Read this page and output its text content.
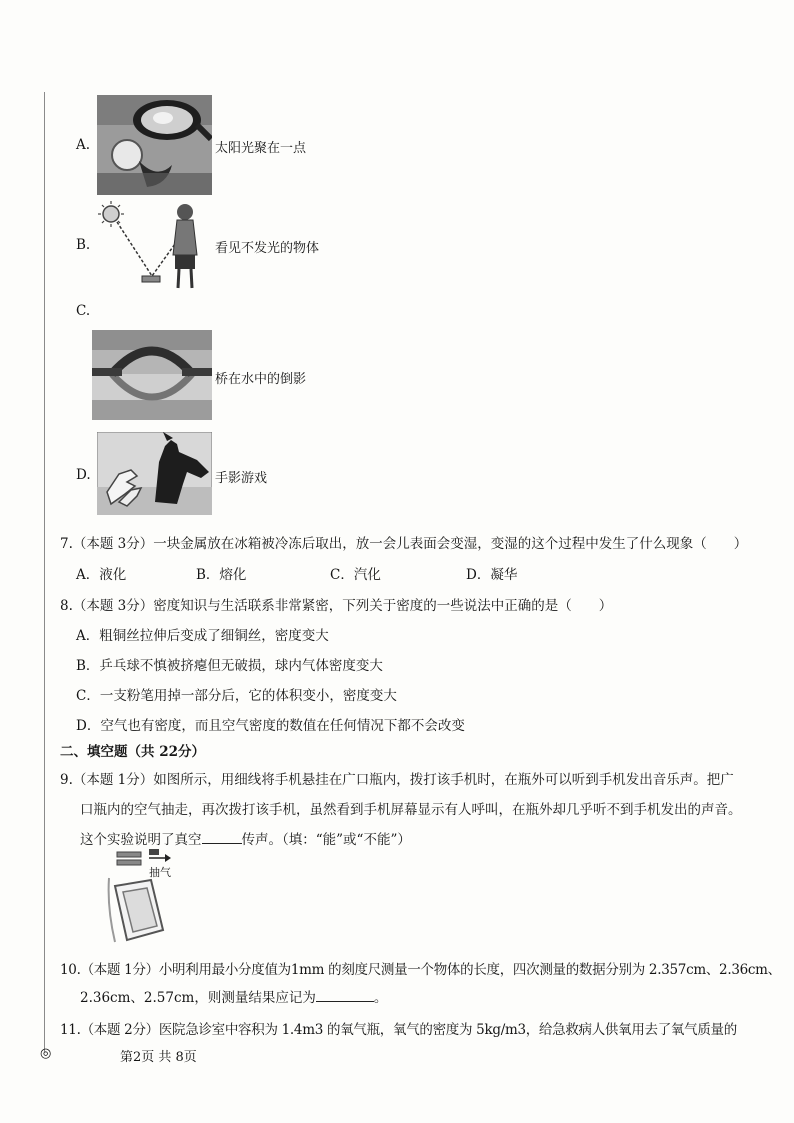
A.	太阳光聚在一点
B.	看见不发光的物体
C.
桥在水中的倒影
D.	手影游戏
7.（本题 3分）一块金属放在冰箱被冷冻后取出，放一会儿表面会变湿，变湿的这个过程中发生了什么现象（　　）
A．液化	B．熔化	C．汽化	D．凝华
8.（本题 3分）密度知识与生活联系非常紧密，下列关于密度的一些说法中正确的是（　　）
A．粗铜丝拉伸后变成了细铜丝，密度变大
B．乒乓球不慎被挤瘪但无破损，球内气体密度变大
C．一支粉笔用掉一部分后，它的体积变小，密度变大
D．空气也有密度，而且空气密度的数值在任何情况下都不会改变
二、填空题（共 22分）
9.（本题 1分）如图所示，用细线将手机悬挂在广口瓶内，拨打该手机时，在瓶外可以听到手机发出音乐声。把广
口瓶内的空气抽走，再次拨打该手机，虽然看到手机屏幕显示有人呼叫，在瓶外却几乎听不到手机发出的声音。
这个实验说明了真空	传声。（填：“能”或“不能”）
抽气
10.（本题 1分）小明利用最小分度值为1mm 的刻度尺测量一个物体的长度，四次测量的数据分别为 2.357cm、2.36cm、
2.36cm、2.57cm，则测量结果应记为	。
11.（本题 2分）医院急诊室中容积为 1.4m3 的氧气瓶，氧气的密度为 5kg/m3，给急救病人供氧用去了氧气质量的
◎	第2页 共 8页
